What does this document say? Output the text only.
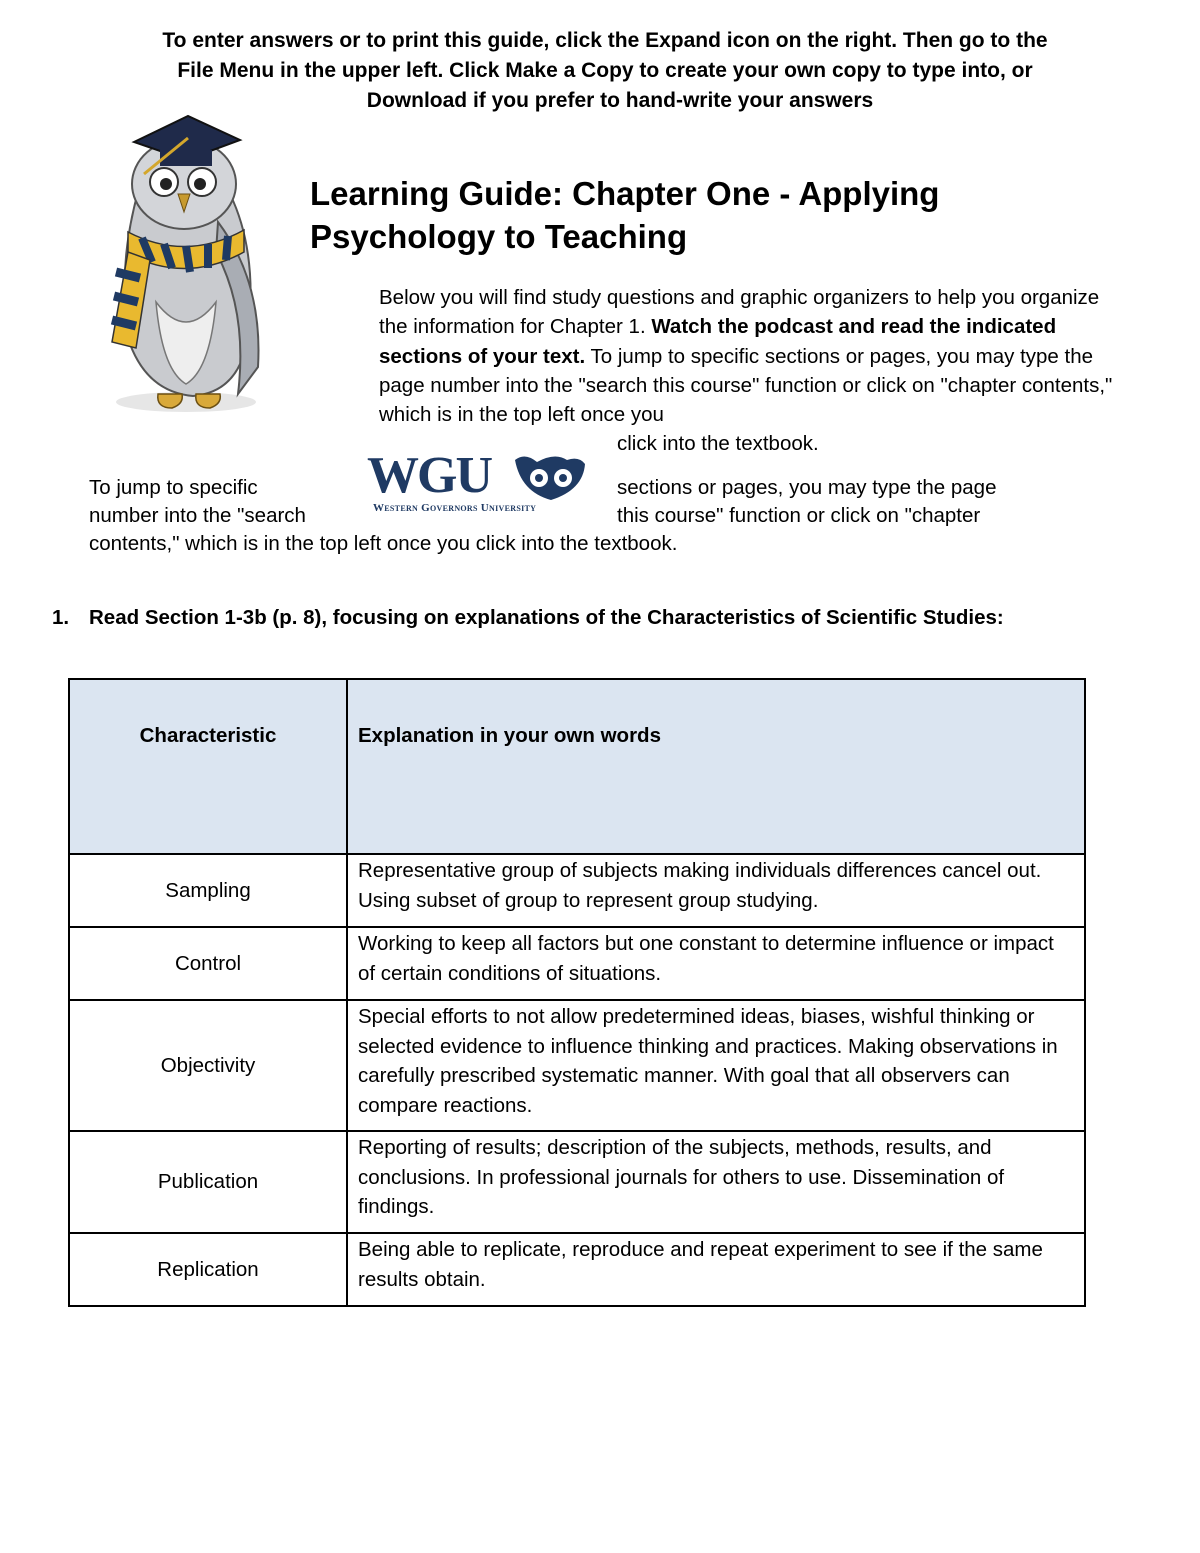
To enter answers or to print this guide, click the Expand icon on the right. Then go to the
File Menu in the upper left. Click Make a Copy to create your own copy to type into, or
Download if you prefer to hand-write your answers
Learning Guide: Chapter One - Applying
Psychology to Teaching

Below you will find study questions and graphic organizers to help you organize the information for Chapter 1. Watch the podcast and read the indicated sections of your text. To jump to specific sections or pages, you may type the page number into the "search this course" function or click on "chapter contents," which is in the top left once you
click into the textbook.

WGU
Western Governors University
To jump to specific
number into the "search
sections or pages, you may type the page
this course" function or click on "chapter
contents," which is in the top left once you click into the textbook.
1. Read Section 1-3b (p. 8), focusing on explanations of the Characteristics of Scientific Studies:
Characteristic	Explanation in your own words
Sampling	Representative group of subjects making individuals differences cancel out. Using subset of group to represent group studying.
Control	Working to keep all factors but one constant to determine influence or impact of certain conditions of situations.
Objectivity	Special efforts to not allow predetermined ideas, biases, wishful thinking or selected evidence to influence thinking and practices. Making observations in carefully prescribed systematic manner. With goal that all observers can compare reactions.
Publication	Reporting of results; description of the subjects, methods, results, and conclusions. In professional journals for others to use. Dissemination of findings.
Replication	Being able to replicate, reproduce and repeat experiment to see if the same results obtain.
